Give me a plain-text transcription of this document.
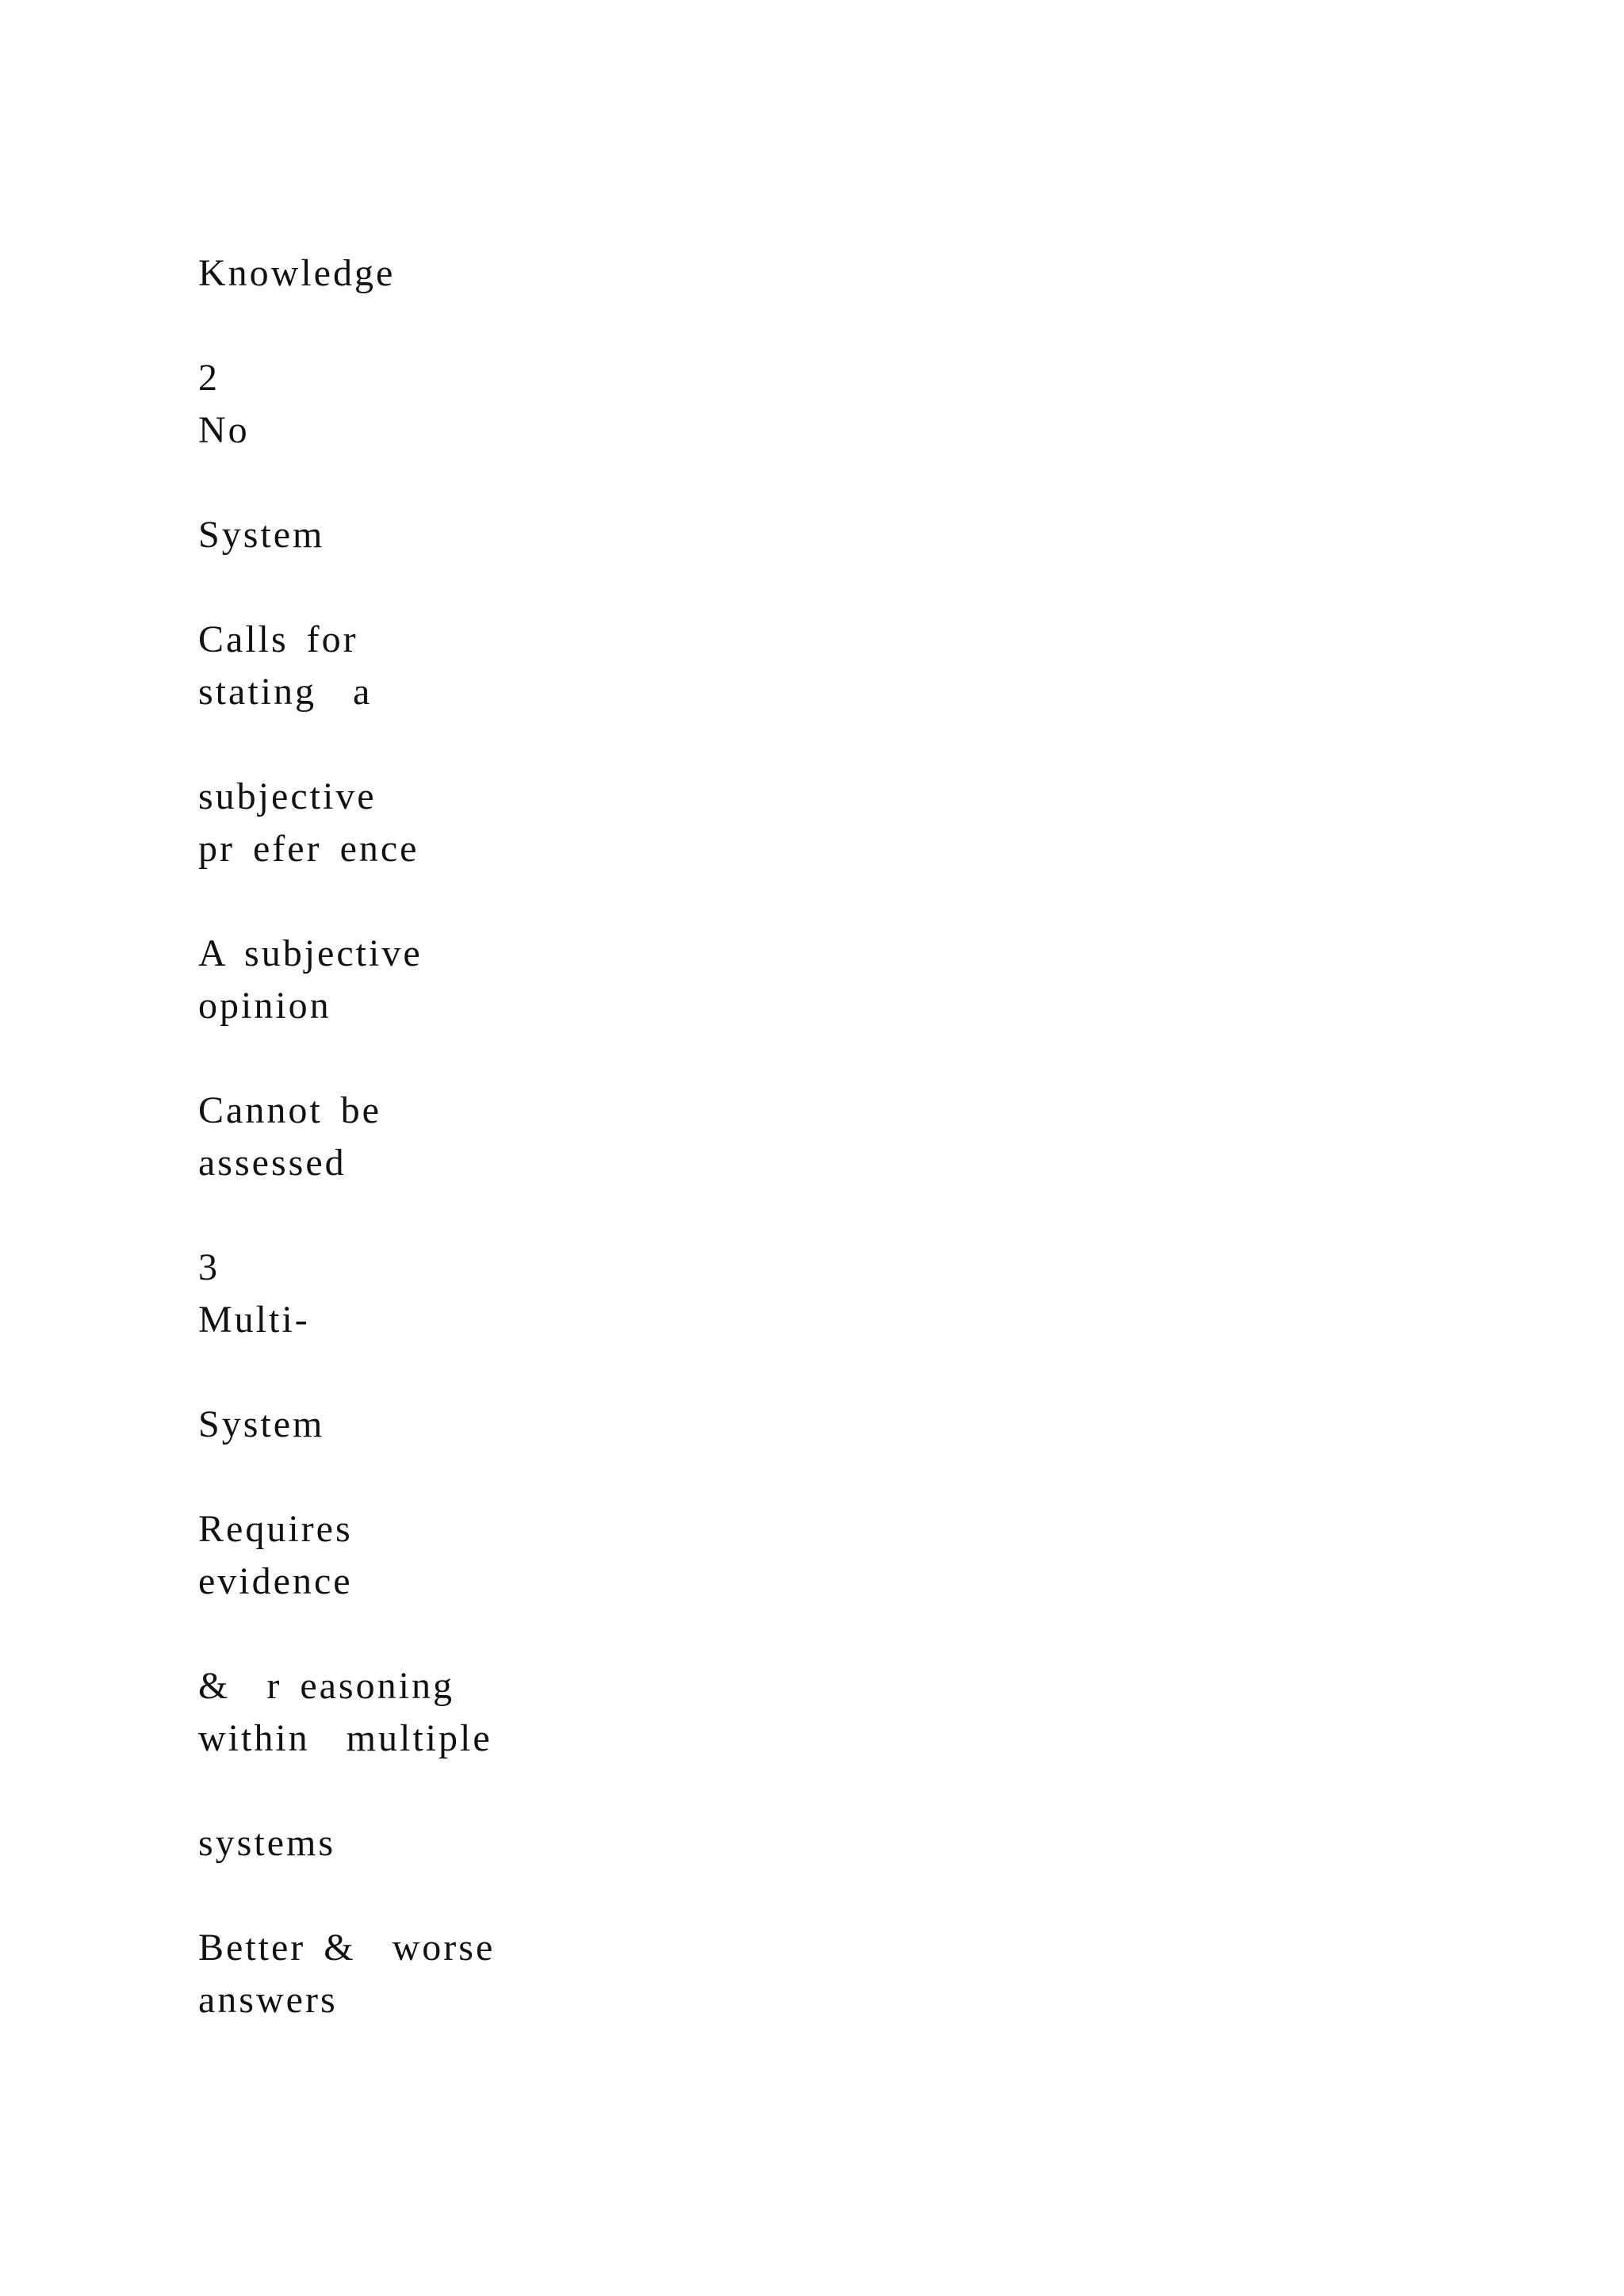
Knowledge

2

No

System

Calls for

stating  a

subjective

pr efer ence

A subjective

opinion

Cannot be

assessed

3

Multi-

System

Requires

evidence

&  r easoning

within  multiple

systems

Better &  worse

answers
